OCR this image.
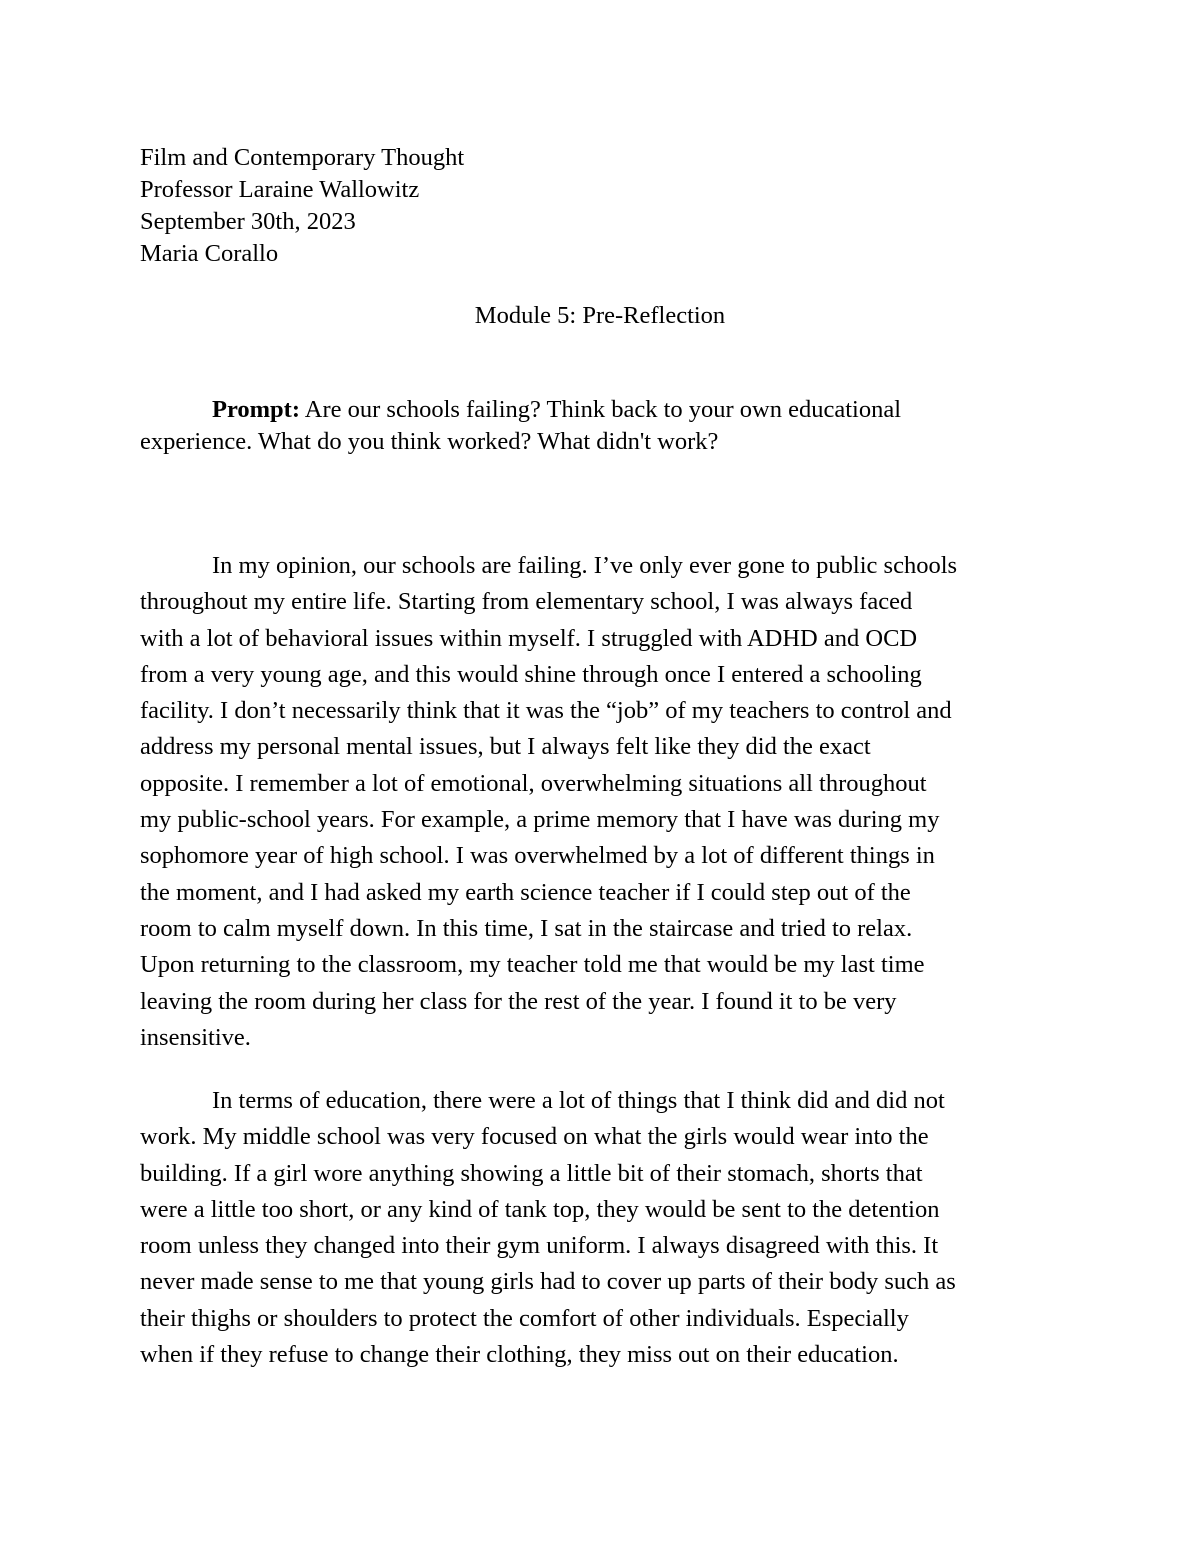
Film and Contemporary Thought
Professor Laraine Wallowitz
September 30th, 2023
Maria Corallo
Module 5: Pre-Reflection
Prompt: Are our schools failing? Think back to your own educational
experience. What do you think worked? What didn't work?
In my opinion, our schools are failing. I’ve only ever gone to public schools
throughout my entire life. Starting from elementary school, I was always faced
with a lot of behavioral issues within myself. I struggled with ADHD and OCD
from a very young age, and this would shine through once I entered a schooling
facility. I don’t necessarily think that it was the “job” of my teachers to control and
address my personal mental issues, but I always felt like they did the exact
opposite. I remember a lot of emotional, overwhelming situations all throughout
my public-school years. For example, a prime memory that I have was during my
sophomore year of high school. I was overwhelmed by a lot of different things in
the moment, and I had asked my earth science teacher if I could step out of the
room to calm myself down. In this time, I sat in the staircase and tried to relax.
Upon returning to the classroom, my teacher told me that would be my last time
leaving the room during her class for the rest of the year. I found it to be very
insensitive.
In terms of education, there were a lot of things that I think did and did not
work. My middle school was very focused on what the girls would wear into the
building. If a girl wore anything showing a little bit of their stomach, shorts that
were a little too short, or any kind of tank top, they would be sent to the detention
room unless they changed into their gym uniform. I always disagreed with this. It
never made sense to me that young girls had to cover up parts of their body such as
their thighs or shoulders to protect the comfort of other individuals. Especially
when if they refuse to change their clothing, they miss out on their education.
